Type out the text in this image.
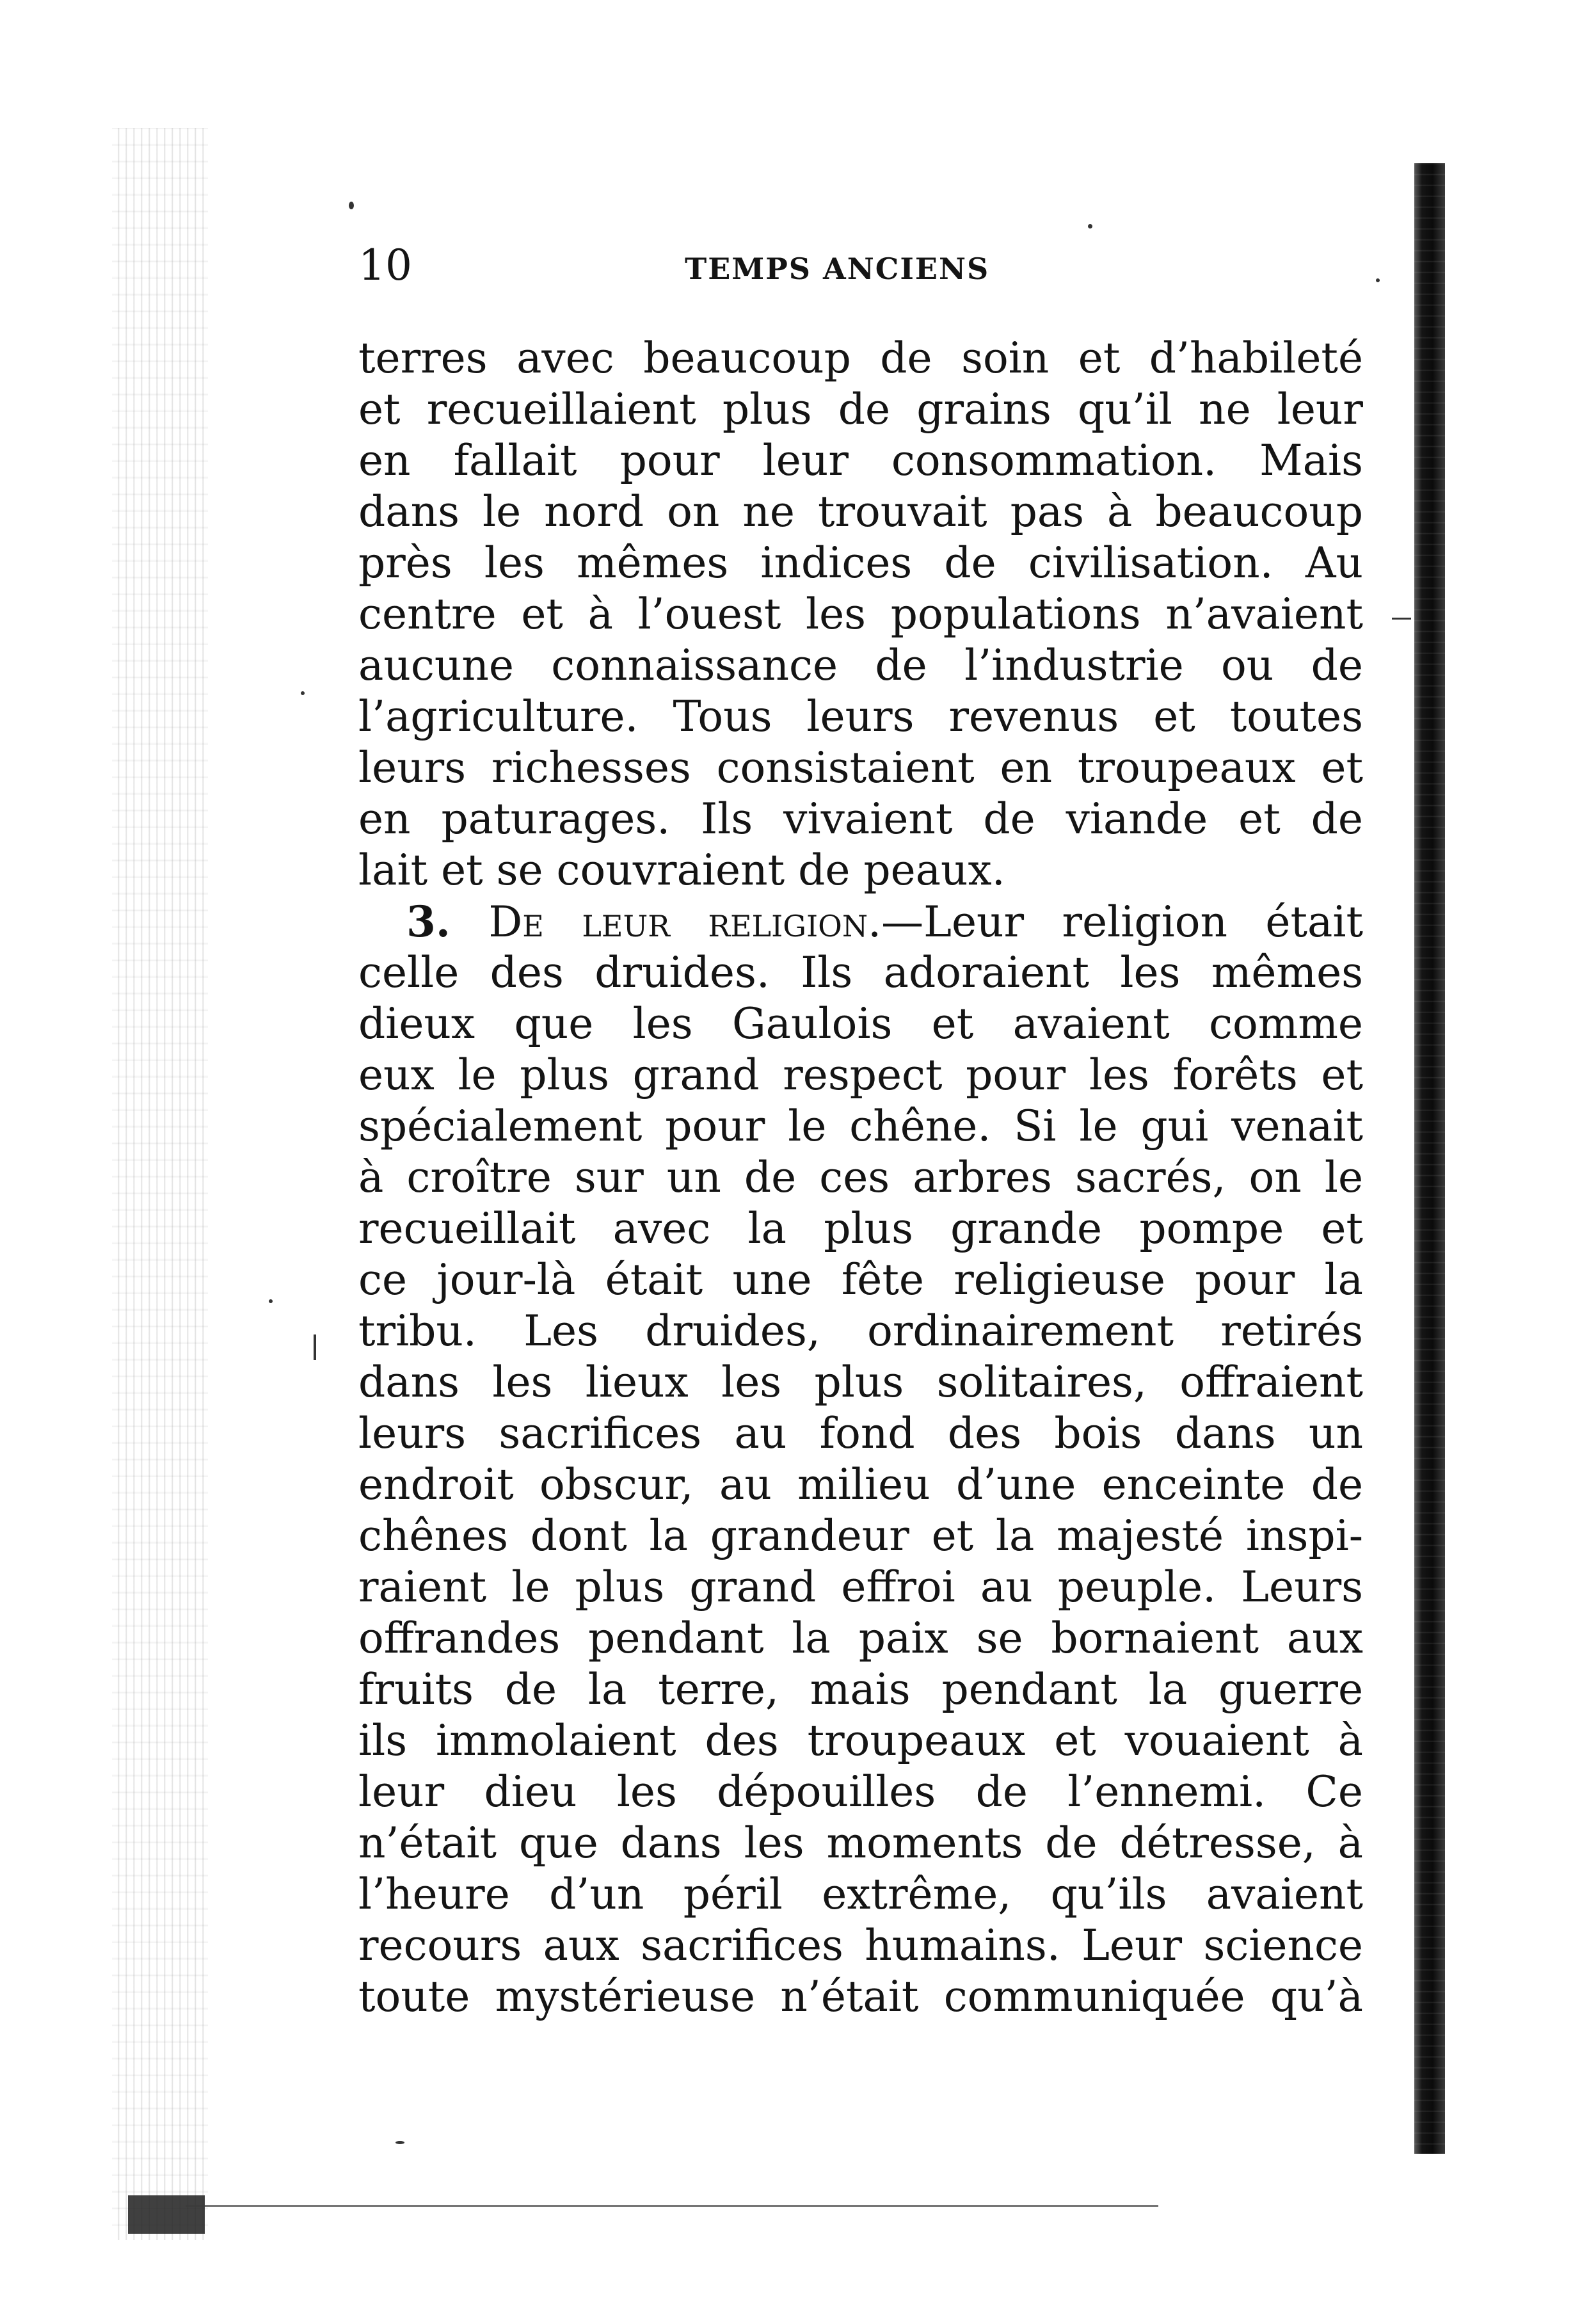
10	TEMPS ANCIENS
terres avec beaucoup de soin et d’habileté
et recueillaient plus de grains qu’il ne leur
en fallait pour leur consommation. Mais
dans le nord on ne trouvait pas à beaucoup
près les mêmes indices de civilisation. Au
centre et à l’ouest les populations n’avaient
aucune connaissance de l’industrie ou de
l’agriculture. Tous leurs revenus et toutes
leurs richesses consistaient en troupeaux et
en paturages. Ils vivaient de viande et de
lait et se couvraient de peaux.
3. De leur religion.—Leur religion était
celle des druides. Ils adoraient les mêmes
dieux que les Gaulois et avaient comme
eux le plus grand respect pour les forêts et
spécialement pour le chêne. Si le gui venait
à croître sur un de ces arbres sacrés, on le
recueillait avec la plus grande pompe et
ce jour-là était une fête religieuse pour la
tribu. Les druides, ordinairement retirés
dans les lieux les plus solitaires, offraient
leurs sacrifices au fond des bois dans un
endroit obscur, au milieu d’une enceinte de
chênes dont la grandeur et la majesté inspi-
raient le plus grand effroi au peuple. Leurs
offrandes pendant la paix se bornaient aux
fruits de la terre, mais pendant la guerre
ils immolaient des troupeaux et vouaient à
leur dieu les dépouilles de l’ennemi. Ce
n’était que dans les moments de détresse, à
l’heure d’un péril extrême, qu’ils avaient
recours aux sacrifices humains. Leur science
toute mystérieuse n’était communiquée qu’à
